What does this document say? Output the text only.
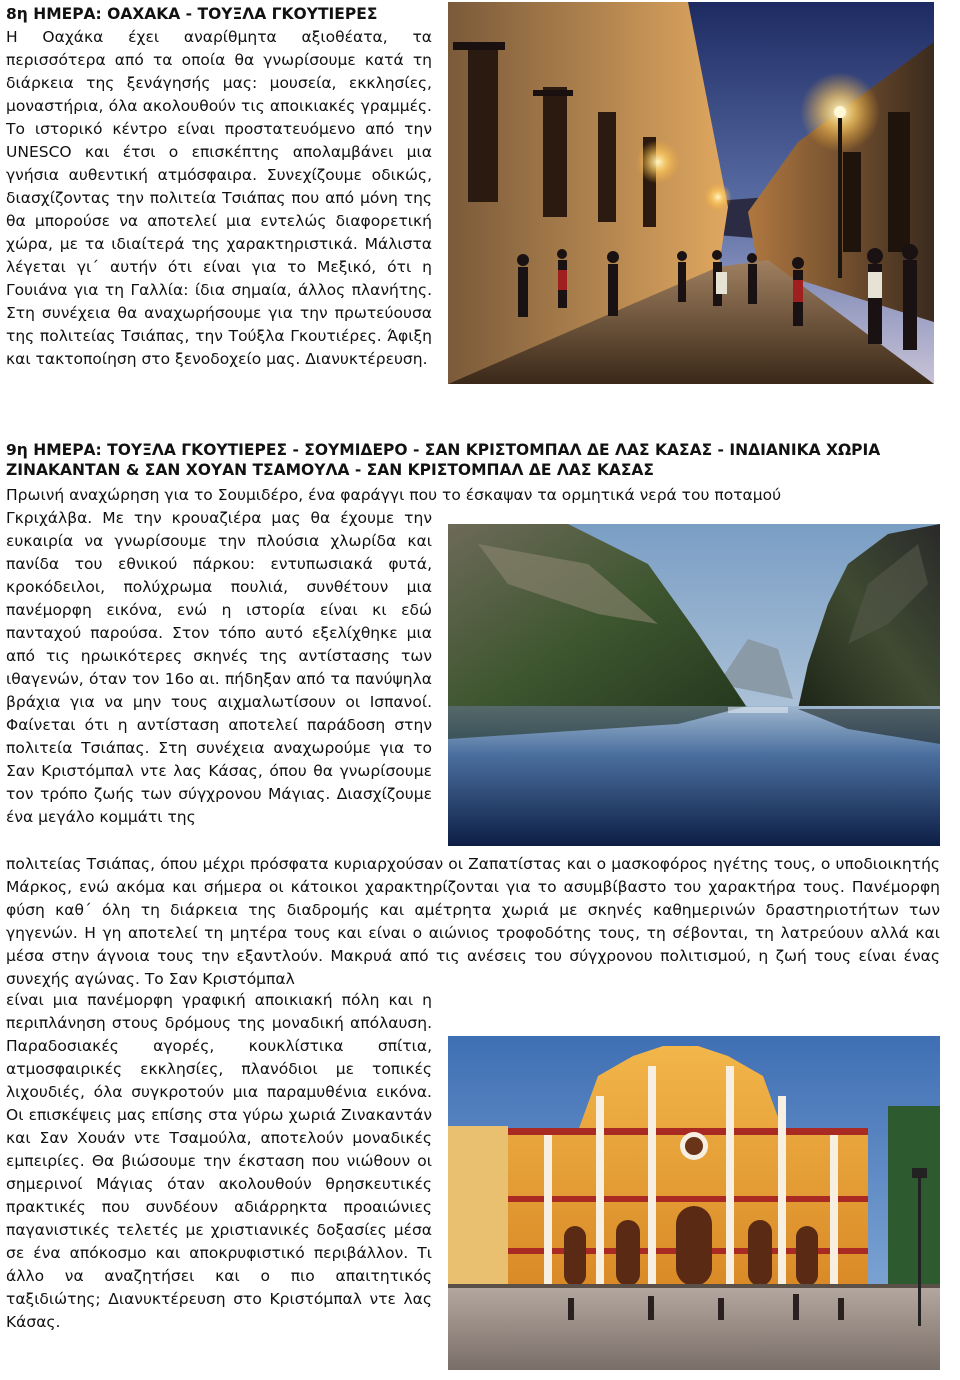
8η ΗΜΕΡΑ: ΟΑΧΑΚΑ - ΤΟΥΞΛΑ ΓΚΟΥΤΙΕΡΕΣ

Η Οαχάκα έχει αναρίθμητα αξιοθέατα, τα περισσότερα από τα οποία θα γνωρίσουμε κατά τη διάρκεια της ξενάγησής μας: μουσεία, εκκλησίες, μοναστήρια, όλα ακολουθούν τις αποικιακές γραμμές. Το ιστορικό κέντρο είναι προστατευόμενο από την UNESCO και έτσι ο επισκέπτης απολαμβάνει μια γνήσια αυθεντική ατμόσφαιρα. Συνεχίζουμε οδικώς, διασχίζοντας την πολιτεία Τσιάπας που από μόνη της θα μπορούσε να αποτελεί μια εντελώς διαφορετική χώρα, με τα ιδιαίτερά της χαρακτηριστικά. Μάλιστα λέγεται γι΄ αυτήν ότι είναι για το Μεξικό, ότι η Γουιάνα για τη Γαλλία: ίδια σημαία, άλλος πλανήτης. Στη συνέχεια θα αναχωρήσουμε για την πρωτεύουσα της πολιτείας Τσιάπας, την Τούξλα Γκουτιέρες. Άφιξη και τακτοποίηση στο ξενοδοχείο μας. Διανυκτέρευση.

9η ΗΜΕΡΑ: ΤΟΥΞΛΑ ΓΚΟΥΤΙΕΡΕΣ - ΣΟΥΜΙΔΕΡΟ - ΣΑΝ ΚΡΙΣΤΟΜΠΑΛ ΔΕ ΛΑΣ ΚΑΣΑΣ - ΙΝΔΙΑΝΙΚΑ ΧΩΡΙΑ ΖΙΝΑΚΑΝΤΑΝ & ΣΑΝ ΧΟΥΑΝ ΤΣΑΜΟΥΛΑ - ΣΑΝ ΚΡΙΣΤΟΜΠΑΛ ΔΕ ΛΑΣ ΚΑΣΑΣ

Πρωινή αναχώρηση για το Σουμιδέρο, ένα φαράγγι που το έσκαψαν τα ορμητικά νερά του ποταμού

Γκριχάλβα. Με την κρουαζιέρα μας θα έχουμε την ευκαιρία να γνωρίσουμε την πλούσια χλωρίδα και πανίδα του εθνικού πάρκου: εντυπωσιακά φυτά, κροκόδειλοι, πολύχρωμα πουλιά, συνθέτουν μια πανέμορφη εικόνα, ενώ η ιστορία είναι κι εδώ πανταχού παρούσα. Στον τόπο αυτό εξελίχθηκε μια από τις ηρωικότερες σκηνές της αντίστασης των ιθαγενών, όταν τον 16ο αι. πήδηξαν από τα πανύψηλα βράχια για να μην τους αιχμαλωτίσουν οι Ισπανοί. Φαίνεται ότι η αντίσταση αποτελεί παράδοση στην πολιτεία Τσιάπας. Στη συνέχεια αναχωρούμε για το Σαν Κριστόμπαλ ντε λας Κάσας, όπου θα γνωρίσουμε τον τρόπο ζωής των σύγχρονου Μάγιας. Διασχίζουμε ένα μεγάλο κομμάτι της

πολιτείας Τσιάπας, όπου μέχρι πρόσφατα κυριαρχούσαν οι Ζαπατίστας και ο μασκοφόρος ηγέτης τους, ο υποδιοικητής Μάρκος, ενώ ακόμα και σήμερα οι κάτοικοι χαρακτηρίζονται για το ασυμβίβαστο του χαρακτήρα τους. Πανέμορφη φύση καθ΄ όλη τη διάρκεια της διαδρομής και αμέτρητα χωριά με σκηνές καθημερινών δραστηριοτήτων των γηγενών. Η γη αποτελεί τη μητέρα τους και είναι ο αιώνιος τροφοδότης τους, τη σέβονται, τη λατρεύουν αλλά και μέσα στην άγνοια τους την εξαντλούν. Μακρυά από τις ανέσεις του σύγχρονου πολιτισμού, η ζωή τους είναι ένας συνεχής αγώνας. Το Σαν Κριστόμπαλ

είναι μια πανέμορφη γραφική αποικιακή πόλη και η περιπλάνηση στους δρόμους της μοναδική απόλαυση. Παραδοσιακές αγορές, κουκλίστικα σπίτια, ατμοσφαιρικές εκκλησίες, πλανόδιοι με τοπικές λιχουδιές, όλα συγκροτούν μια παραμυθένια εικόνα. Οι επισκέψεις μας επίσης στα γύρω χωριά Ζινακαντάν και Σαν Χουάν ντε Τσαμούλα, αποτελούν μοναδικές εμπειρίες. Θα βιώσουμε την έκσταση που νιώθουν οι σημερινοί Μάγιας όταν ακολουθούν θρησκευτικές πρακτικές που συνδέουν αδιάρρηκτα προαιώνιες παγανιστικές τελετές με χριστιανικές δοξασίες μέσα σε ένα απόκοσμο και αποκρυφιστικό περιβάλλον. Τι άλλο να αναζητήσει και ο πιο απαιτητικός ταξιδιώτης; Διανυκτέρευση στο Κριστόμπαλ ντε λας Κάσας.
